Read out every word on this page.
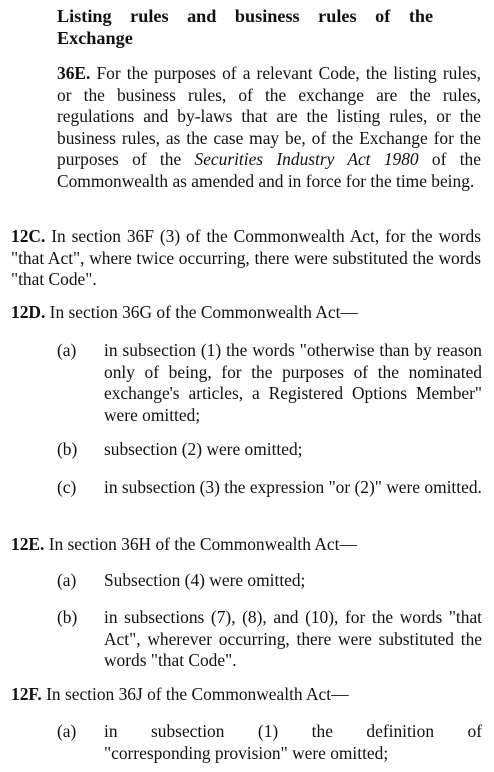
Listing rules and business rules of the
Exchange
36E. For the purposes of a relevant Code, the listing rules, or the business rules, of the exchange are the rules, regulations and by-laws that are the listing rules, or the business rules, as the case may be, of the Exchange for the purposes of the Securities Industry Act 1980 of the Commonwealth as amended and in force for the time being.
12C. In section 36F (3) of the Commonwealth Act, for the words "that Act", where twice occurring, there were substituted the words "that Code".
12D. In section 36G of the Commonwealth Act—
(a)	in subsection (1) the words "otherwise than by reason only of being, for the purposes of the nominated exchange's articles, a Registered Options Member" were omitted;
(b)	subsection (2) were omitted;
(c)	in subsection (3) the expression "or (2)" were omitted.
12E. In section 36H of the Commonwealth Act—
(a)	Subsection (4) were omitted;
(b)	in subsections (7), (8), and (10), for the words "that Act", wherever occurring, there were substituted the words "that Code".
12F. In section 36J of the Commonwealth Act—
(a)	in subsection (1) the definition of
"corresponding provision" were omitted;
